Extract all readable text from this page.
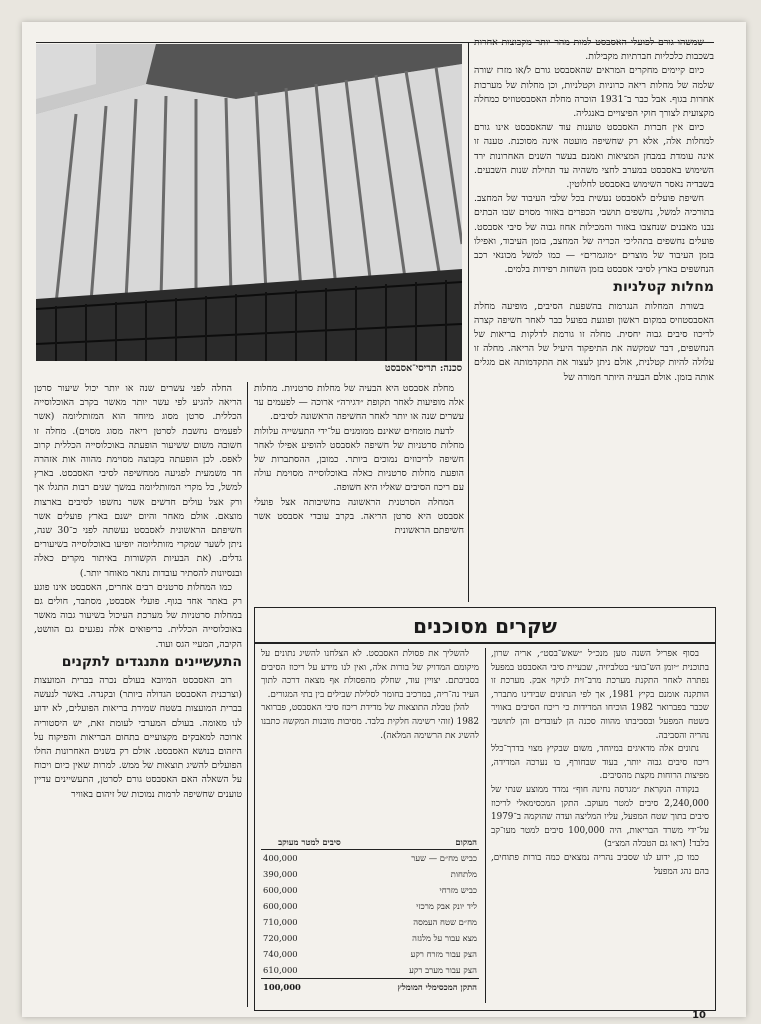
סכנה: תריסי־אסבסט

שמשהו גורם לפועלי האסבסט למות מהר יותר מקבוצות אחרות בשכבות כלכליות חברתיות מקבילות.

כיום קיימים מחקרים המראים שהאסבסט גורם ל/או מזרז שורה שלמה של מחלות ריאה כרוניות וקטלניות, וכן מחלות של מערכות אחרות בגוף. אבל כבר ב־1931 הוכרה מחלת האסבסטוזיס כמחלה מקצועית לצורך חוקי הפיצויים באנגליה.

כיום אין חברות האסבסט טוענות עוד שהאסבסט אינו גורם למחלות אלה, אלא רק שחשיפה מועטה אינה מסוכנת. טענה זו אינה עומדת במבחן המציאות ואמנם בעשר השנים האחרונות ירד השימוש באסבסט במערב לחצי משהיה עד תחילת שנות השבעים. בשבדיה נאסר השימוש באסבסט לחלוטין.

חשיפת פועלים לאסבסט נעשית בכל שלבי העיבוד של המחצב. בתורכיה למשל, נחשפים תושבי הכפרים באזור מסוים שבו הבתים נבנו מאבנים שנחצבו באזור והמכילות אחוז גבוה של סיבי אסבסט. פועלים נחשפים בתהליכי הכריה של המחצב, בזמן העיבוד, ואפילו בזמן העיבוד של מוצרים ״מוגמרים״ — כמו למשל מכונאי רכב הנחשפים בארץ לסיבי אסבסט בזמן השחזת רפידות בלמים.

מחלות קטלניות

בשורת המחלות הנגרמות בהשפעת הסיבים, מופיעה מחלת האסבסטוזיס במקום ראשון ופוגעת בפועל כבר לאחר חשיפה קצרה לריכוז סיבים גבוה יחסית. מחלה זו גורמת לדלקות בריאות של הנחשפים, דבר שמקשה את התיפקוד היעיל של הריאה. מחלה זו עלולה להיות קטלנית, אולם ניתן לעצור את התקדמותה אם מגלים אותה בזמן. אולם הבעיה היותר חמורה של

מחלת אסבסט היא הבעיה של מחלות סרטניות. מחלות אלה מופיעות לאחר תקופת ״דגירה״ ארוכה — לפעמים עד עשרים שנה או יותר לאחר החשיפה הראשונה לסיבים.

לדעת מומחים שאינם ממומנים על־ידי התעשייה עלולות מחלות סרטניות של חשיפה לאסבסט להופיע אפילו לאחר חשיפה לריכוזים נמוכים ביותר. כמובן, ההסתברות של הופעת מחלות סרטניות כאלה באוכלוסייה מסוימת עולה עם ריכוז הסיבים שאליו היא חשופה.

המחלה הסרטנית הראשונה בחשיבותה אצל פועלי אסבסט היא סרטן הריאה. בקרב עובדי אסבסט אשר חשיפתם הראשונית

החלה לפני עשרים שנה או יותר יכול שיעור סרטן הריאה להגיע לפי עשר יותר מאשר בקרב האוכלוסייה הכללית. סרטן מסוג מיוחד הוא המזותליומה (אשר לפעמים נחשבת לסרטן ריאה מסוג מסוים). מחלה זו חשובה משום ששיעור הופעתה באוכלוסייה הכללית קרוב לאפס. לכן הופעתה בקבוצה מסוימת מהווה אות אזהרה חד משמעית לפגיעה ממחשיפה לסיבי האסבסט. בארץ למשל, כל מקרי המזותליומה במשך שנים רבות התגלו אך ורק אצל עולים חדשים אשר נחשפו לסיבים בארצות מוצאם. אולם מאחר והיום ישנם בארץ פועלים אשר חשיפתם הראשונית לאסבסט נעשתה לפני כ־30 שנה, ניתן לשער שמקרי מזותליומה יופיעו באוכלוסייה בשיעורים גדלים. (את הבעיות הקשורות באיתור מקרים כאלה ובנסיונות להסתיר עובדות נתאר מאוחר יותר.)

כמו המחלות סרטנים רבים אחרים, האסבסט אינו פוגע רק באתר אחד בגוף. פועלי אסבסט, מסתבר, חולים גם במחלות סרטניות של מערכת העיכול בשיעור גבוה מאשר באוכלוסייה הכללית. בריפואים אלה נפגעים גם הוושט, הקיבה, המעיי הגס ועוד.

התעשיינים מתנגדים לתקנים

רוב האסבסט המיובא בעולם נכרה בברית המועצות (וצרכנית האסבסט הגדולה ביותר) ובקנדה. באשר לנעשה בברית המועצות בשטח שמירת בריאות הפועלים, לא ידוע לנו מאומה. בעולם המערבי לעומת זאת, יש היסטוריה ארוכה למאבקים מקצועיים בתחום הבריאות והפיקוח על היזהום בנושא האסבסט. אולם רק בשנים האחרונות החלו הפועלים להשיג תוצאות של ממש. למרות שאין כיום ויכוח על השאלה האם האסבסט גורם לסרטן, התעשיינים עדיין טוענים שחשיפה לרמות נמוכות של זיהום באוויר

שקרים מסוכנים

בסוף אפריל השנה טען מנכ״ל ״שאש־בסט״, אריה שרון, בתוכנית ״יומן הש־בוע״ בטלביזיה, שבעיית סיבי האסבסט במפעל נפתרה לאחר התקנת מערכת מרב־זית לניקוי אבק. מערכת זו הותקנה אומנם בקיץ 1981, אך לפי הנתונים שבידינו מתברר, שכבר בפברואר 1982 הוכיחו המדידות כי ריכוז הסיבים באוויר בשטח המפעל ובסביבתו מהווה סכנה הן לעובדים והן לתושבי נהריה והסביבה.

נתונים אלה מדאיגים במיוחד, משום שבקיץ מצוי בדרך־כלל ריכוז סיבים גבוה יותר, בעוד שבחורף, בו נערכה המדידה, מפיצות הרוחות מקצת מהסיבים.

בנקודה הנקראת ״מגרסה נחינה חוף״ נמדד ממוצע שנתי של 2,240,000 סיבים למטר מעוקב. התקן המכסימאלי לריכוז סיבים בתוך שטח המפעל, עליו המליצה ועדה שהוקמה ב־1979 על־ידי משרד הבריאות, היה 100,000 סיבים למטר מעו־קב בלבד! (ראו גם הטבלה המצ״ב)

כמו כן, ידוע לנו שסביב נהריה נמצאים כמה בורות פתוחים, בהם נהג המפעל

להשליך את פסולת האסבסט. לא הצלחנו להשיג נתונים על מיקומם המדויק של בורות אלה, ואין לנו מידע על ריכוז הסיבים בסביבתם. יצויין עוד, שחלק מהפסולת אף מצאה דרכה לתוך העיר נה־ריה, במרכיב בחומר לסלילת שבילים בין בתי המגורים.

להלן טבלת התוצאות של מדידת ריכוז סיבי האסבסט, פברואר 1982 (זוהי רשימה חלקית בלבד. מסיבות מובנות המקשה כתבנו להשיג את הרשימה המלאה).

המקום	סיבים למטר מעוקב
כביש מח״ם — שער	400,000
מלתחות	390,000
כביש מזרחי	600,000
ליד יונק אבק מרכזי	600,000
מח״ם שטח העמסה	710,000
מצא עבור על מלגזה	720,000
הצק עבור מזרח רקע	740,000
הצק עבור מערב רקע	610,000
התקן המכסימלי המומלץ	100,000
10
